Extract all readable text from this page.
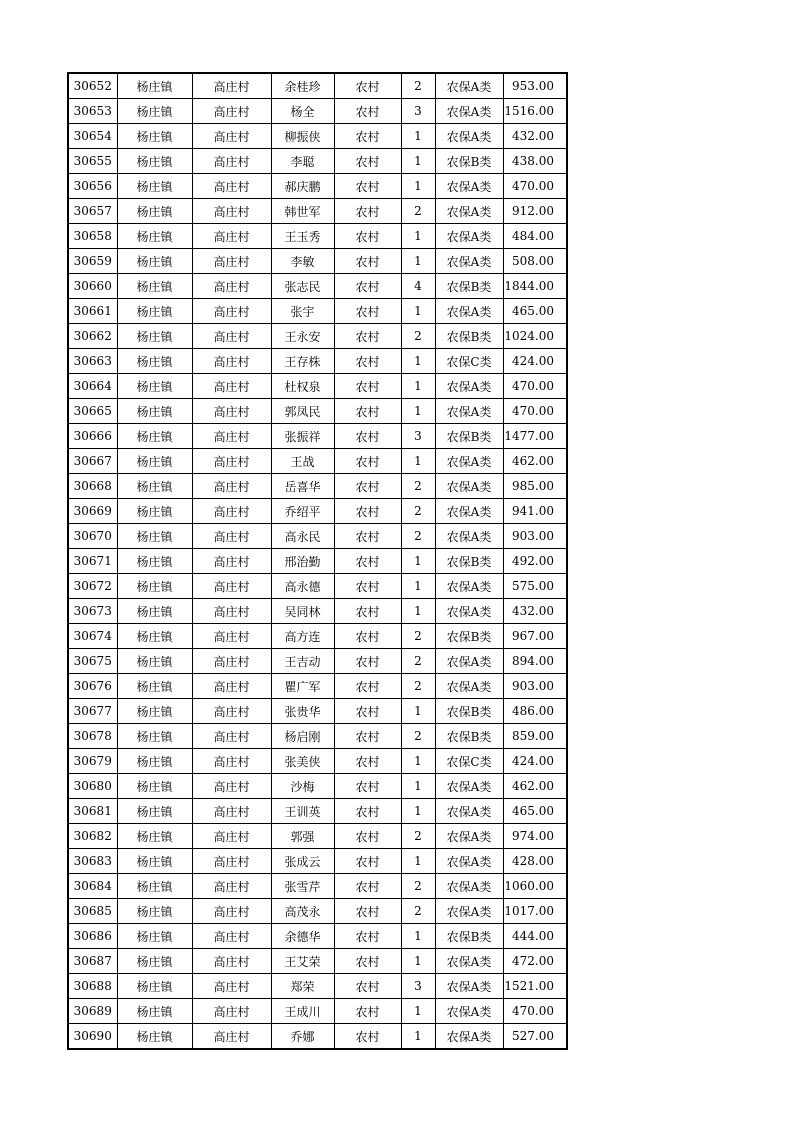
30652	杨庄镇	高庄村	余桂珍	农村	2	农保A类	953.00
30653	杨庄镇	高庄村	杨全	农村	3	农保A类	1516.00
30654	杨庄镇	高庄村	柳振侠	农村	1	农保A类	432.00
30655	杨庄镇	高庄村	李聪	农村	1	农保B类	438.00
30656	杨庄镇	高庄村	郝庆鹏	农村	1	农保A类	470.00
30657	杨庄镇	高庄村	韩世军	农村	2	农保A类	912.00
30658	杨庄镇	高庄村	王玉秀	农村	1	农保A类	484.00
30659	杨庄镇	高庄村	李敏	农村	1	农保A类	508.00
30660	杨庄镇	高庄村	张志民	农村	4	农保B类	1844.00
30661	杨庄镇	高庄村	张宇	农村	1	农保A类	465.00
30662	杨庄镇	高庄村	王永安	农村	2	农保B类	1024.00
30663	杨庄镇	高庄村	王存株	农村	1	农保C类	424.00
30664	杨庄镇	高庄村	杜权泉	农村	1	农保A类	470.00
30665	杨庄镇	高庄村	郭凤民	农村	1	农保A类	470.00
30666	杨庄镇	高庄村	张振祥	农村	3	农保B类	1477.00
30667	杨庄镇	高庄村	王战	农村	1	农保A类	462.00
30668	杨庄镇	高庄村	岳喜华	农村	2	农保A类	985.00
30669	杨庄镇	高庄村	乔绍平	农村	2	农保A类	941.00
30670	杨庄镇	高庄村	高永民	农村	2	农保A类	903.00
30671	杨庄镇	高庄村	邢治勤	农村	1	农保B类	492.00
30672	杨庄镇	高庄村	高永德	农村	1	农保A类	575.00
30673	杨庄镇	高庄村	吴同林	农村	1	农保A类	432.00
30674	杨庄镇	高庄村	高方连	农村	2	农保B类	967.00
30675	杨庄镇	高庄村	王吉动	农村	2	农保A类	894.00
30676	杨庄镇	高庄村	瞿广军	农村	2	农保A类	903.00
30677	杨庄镇	高庄村	张贵华	农村	1	农保B类	486.00
30678	杨庄镇	高庄村	杨启刚	农村	2	农保B类	859.00
30679	杨庄镇	高庄村	张美侠	农村	1	农保C类	424.00
30680	杨庄镇	高庄村	沙梅	农村	1	农保A类	462.00
30681	杨庄镇	高庄村	王训英	农村	1	农保A类	465.00
30682	杨庄镇	高庄村	郭强	农村	2	农保A类	974.00
30683	杨庄镇	高庄村	张成云	农村	1	农保A类	428.00
30684	杨庄镇	高庄村	张雪芹	农村	2	农保A类	1060.00
30685	杨庄镇	高庄村	高茂永	农村	2	农保A类	1017.00
30686	杨庄镇	高庄村	余德华	农村	1	农保B类	444.00
30687	杨庄镇	高庄村	王艾荣	农村	1	农保A类	472.00
30688	杨庄镇	高庄村	郑荣	农村	3	农保A类	1521.00
30689	杨庄镇	高庄村	王成川	农村	1	农保A类	470.00
30690	杨庄镇	高庄村	乔娜	农村	1	农保A类	527.00
